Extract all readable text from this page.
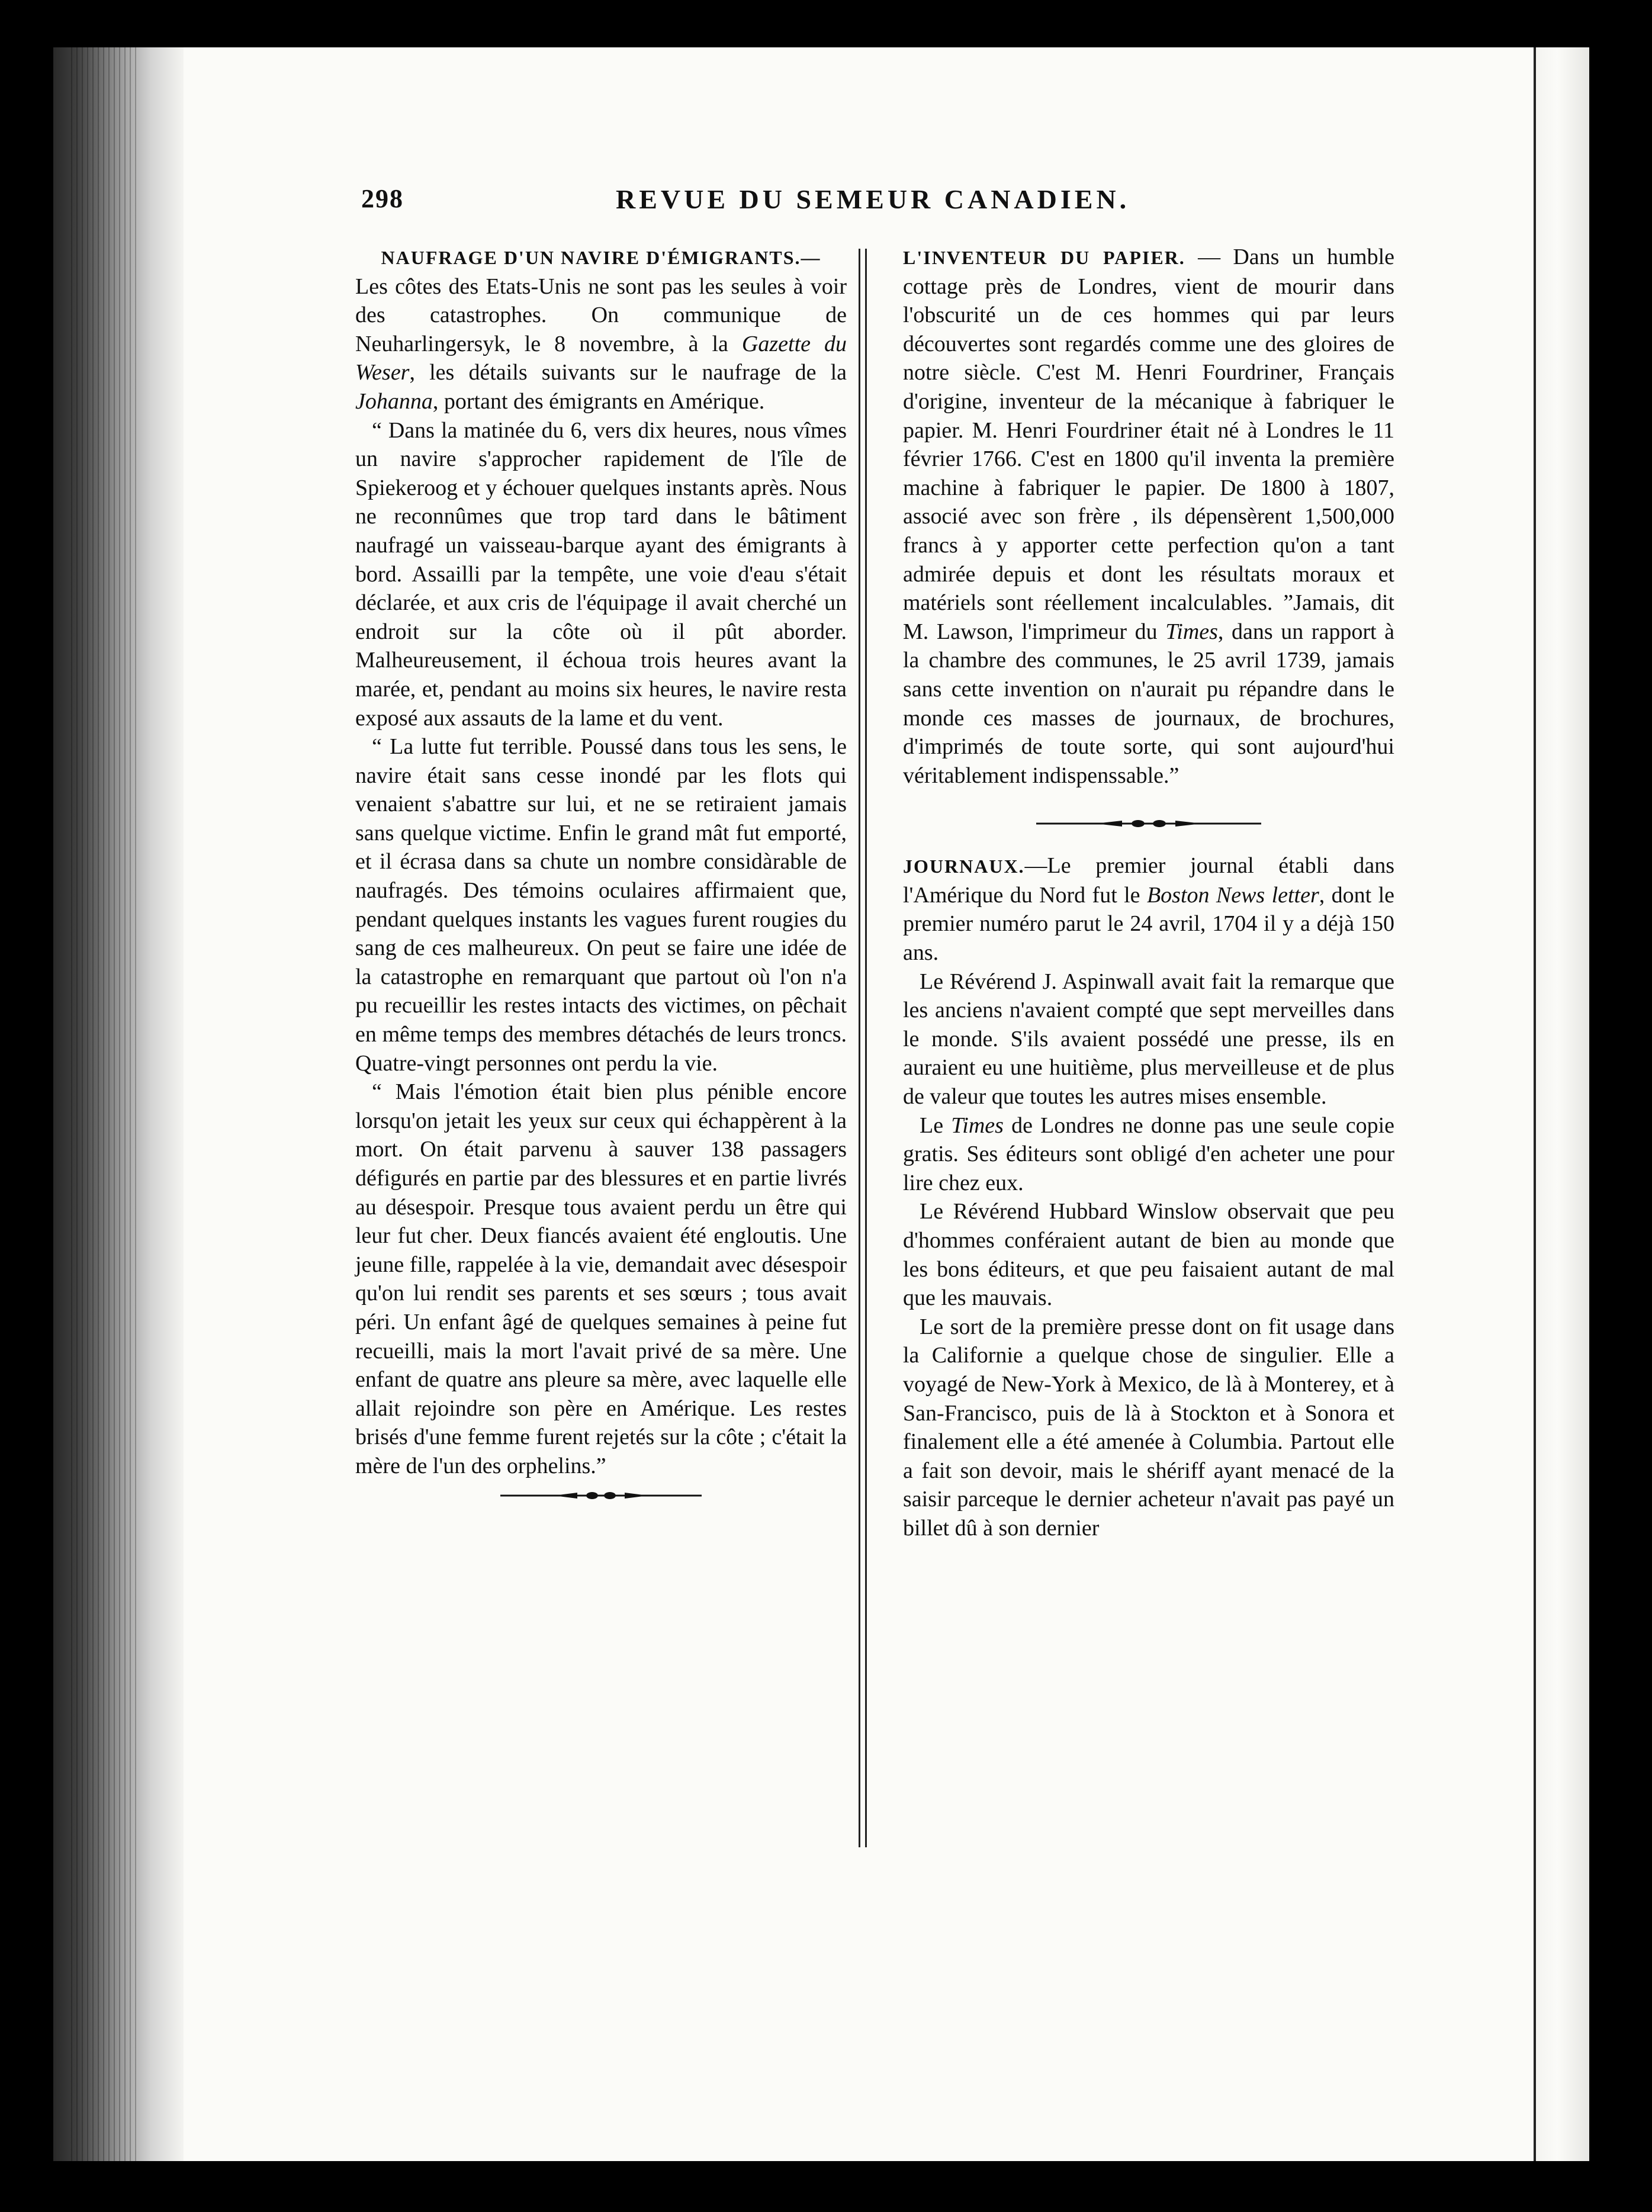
298	REVUE DU SEMEUR CANADIEN.

NAUFRAGE D'UN NAVIRE D'ÉMIGRANTS.—

Les côtes des Etats-Unis ne sont pas les seules à voir des catastrophes. On communique de Neuharlingersyk, le 8 novembre, à la Gazette du Weser, les détails suivants sur le naufrage de la Johanna, portant des émigrants en Amérique.

“ Dans la matinée du 6, vers dix heures, nous vîmes un navire s'approcher rapidement de l'île de Spiekeroog et y échouer quelques instants après. Nous ne reconnûmes que trop tard dans le bâtiment naufragé un vaisseau-barque ayant des émigrants à bord. Assailli par la tempête, une voie d'eau s'était déclarée, et aux cris de l'équipage il avait cherché un endroit sur la côte où il pût aborder. Malheureusement, il échoua trois heures avant la marée, et, pendant au moins six heures, le navire resta exposé aux assauts de la lame et du vent.

“ La lutte fut terrible. Poussé dans tous les sens, le navire était sans cesse inondé par les flots qui venaient s'abattre sur lui, et ne se retiraient jamais sans quelque victime. Enfin le grand mât fut emporté, et il écrasa dans sa chute un nombre considàrable de naufragés. Des témoins oculaires affirmaient que, pendant quelques instants les vagues furent rougies du sang de ces malheureux. On peut se faire une idée de la catastrophe en remarquant que partout où l'on n'a pu recueillir les restes intacts des victimes, on pêchait en même temps des membres détachés de leurs troncs. Quatre-vingt personnes ont perdu la vie.

“ Mais l'émotion était bien plus pénible encore lorsqu'on jetait les yeux sur ceux qui échappèrent à la mort. On était parvenu à sauver 138 passagers défigurés en partie par des blessures et en partie livrés au désespoir. Presque tous avaient perdu un être qui leur fut cher. Deux fiancés avaient été engloutis. Une jeune fille, rappelée à la vie, demandait avec désespoir qu'on lui rendit ses parents et ses sœurs ; tous avait péri. Un enfant âgé de quelques semaines à peine fut recueilli, mais la mort l'avait privé de sa mère. Une enfant de quatre ans pleure sa mère, avec laquelle elle allait rejoindre son père en Amérique. Les restes brisés d'une femme furent rejetés sur la côte ; c'était la mère de l'un des orphelins.”

L'INVENTEUR DU PAPIER. — Dans un humble cottage près de Londres, vient de mourir dans l'obscurité un de ces hommes qui par leurs découvertes sont regardés comme une des gloires de notre siècle. C'est M. Henri Fourdriner, Français d'origine, inventeur de la mécanique à fabriquer le papier. M. Henri Fourdriner était né à Londres le 11 février 1766. C'est en 1800 qu'il inventa la première machine à fabriquer le papier. De 1800 à 1807, associé avec son frère , ils dépensèrent 1,500,000 francs à y apporter cette perfection qu'on a tant admirée depuis et dont les résultats moraux et matériels sont réellement incalculables. ”Jamais, dit M. Lawson, l'imprimeur du Times, dans un rapport à la chambre des communes, le 25 avril 1739, jamais sans cette invention on n'aurait pu répandre dans le monde ces masses de journaux, de brochures, d'imprimés de toute sorte, qui sont aujourd'hui véritablement indispenssable.”

JOURNAUX.—Le premier journal établi dans l'Amérique du Nord fut le Boston News letter, dont le premier numéro parut le 24 avril, 1704 il y a déjà 150 ans.

Le Révérend J. Aspinwall avait fait la remarque que les anciens n'avaient compté que sept merveilles dans le monde. S'ils avaient possédé une presse, ils en auraient eu une huitième, plus merveilleuse et de plus de valeur que toutes les autres mises ensemble.

Le Times de Londres ne donne pas une seule copie gratis. Ses éditeurs sont obligé d'en acheter une pour lire chez eux.

Le Révérend Hubbard Winslow observait que peu d'hommes conféraient autant de bien au monde que les bons éditeurs, et que peu faisaient autant de mal que les mauvais.

Le sort de la première presse dont on fit usage dans la Californie a quelque chose de singulier. Elle a voyagé de New-York à Mexico, de là à Monterey, et à San-Francisco, puis de là à Stockton et à Sonora et finalement elle a été amenée à Columbia. Partout elle a fait son devoir, mais le shériff ayant menacé de la saisir parceque le dernier acheteur n'avait pas payé un billet dû à son dernier
